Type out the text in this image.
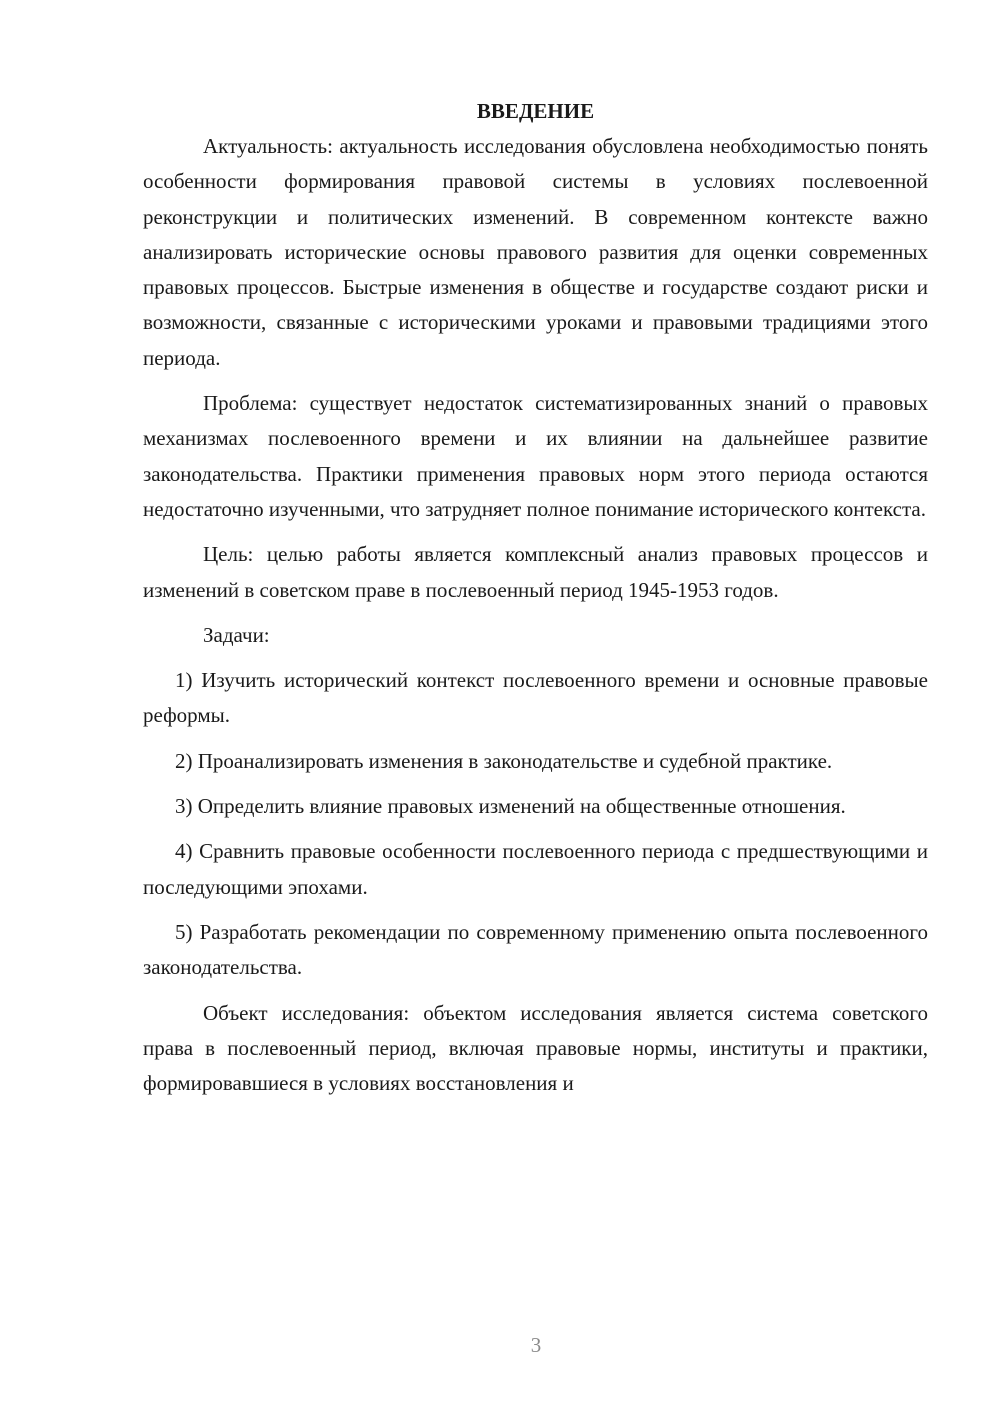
ВВЕДЕНИЕ

Актуальность: актуальность исследования обусловлена необходимостью понять особенности формирования правовой системы в условиях послевоенной реконструкции и политических изменений. В современном контексте важно анализировать исторические основы правового развития для оценки современных правовых процессов. Быстрые изменения в обществе и государстве создают риски и возможности, связанные с историческими уроками и правовыми традициями этого периода.

Проблема: существует недостаток систематизированных знаний о правовых механизмах послевоенного времени и их влиянии на дальнейшее развитие законодательства. Практики применения правовых норм этого периода остаются недостаточно изученными, что затрудняет полное понимание исторического контекста.

Цель: целью работы является комплексный анализ правовых процессов и изменений в советском праве в послевоенный период 1945-1953 годов.

Задачи:

1) Изучить исторический контекст послевоенного времени и основные правовые реформы.

2) Проанализировать изменения в законодательстве и судебной практике.

3) Определить влияние правовых изменений на общественные отношения.

4) Сравнить правовые особенности послевоенного периода с предшествующими и последующими эпохами.

5) Разработать рекомендации по современному применению опыта послевоенного законодательства.

Объект исследования: объектом исследования является система советского права в послевоенный период, включая правовые нормы, институты и практики, формировавшиеся в условиях восстановления и

3
